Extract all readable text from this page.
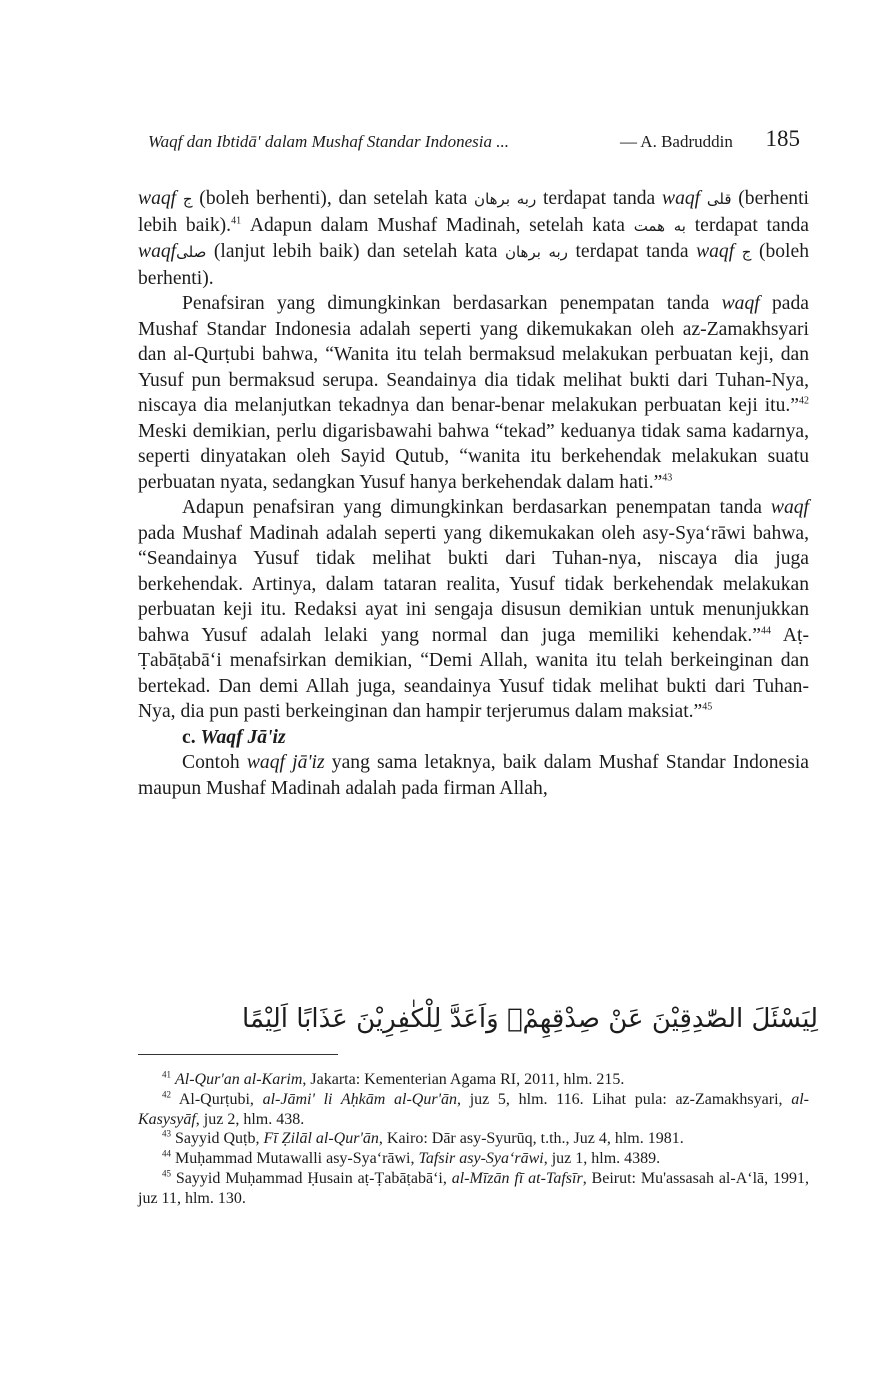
Waqf dan Ibtidā' dalam Mushaf Standar Indonesia ...	— A. Badruddin 185

waqf ج (boleh berhenti), dan setelah kata	ربه برهان terdapat tanda waqf قلى (berhenti lebih baik).$^{41}$ Adapun dalam Mushaf Madinah, setelah kata	به همت terdapat tanda waqfصلى (lanjut lebih baik) dan setelah kata	ربه برهان terdapat tanda waqf ج (boleh berhenti).

Penafsiran yang dimungkinkan berdasarkan penempatan tanda waqf pada Mushaf Standar Indonesia adalah seperti yang dikemukakan oleh az-Zamakhsyari dan al-Qurṭubi bahwa, “Wanita itu telah bermaksud melakukan perbuatan keji, dan Yusuf pun bermaksud serupa. Seandainya dia tidak melihat bukti dari Tuhan-Nya, niscaya dia melanjutkan tekadnya dan benar-benar melakukan perbuatan keji itu.”$^{42}$ Meski demikian, perlu digarisbawahi bahwa “tekad” keduanya tidak sama kadarnya, seperti dinyatakan oleh Sayid Qutub, “wanita itu berkehendak melakukan suatu perbuatan nyata, sedangkan Yusuf hanya berkehendak dalam hati.”$^{43}$

Adapun penafsiran yang dimungkinkan berdasarkan penempatan tanda waqf pada Mushaf Madinah adalah seperti yang dikemukakan oleh asy-Sya‘rāwi bahwa, “Seandainya Yusuf tidak melihat bukti dari Tuhan-nya, niscaya dia juga berkehendak. Artinya, dalam tataran realita, Yusuf tidak berkehendak melakukan perbuatan keji itu. Redaksi ayat ini sengaja disusun demikian untuk menunjukkan bahwa Yusuf adalah lelaki yang normal dan juga memiliki kehendak.”$^{44}$ Aṭ-Ṭabāṭabā‘i menafsirkan demikian, “Demi Allah, wanita itu telah berkeinginan dan bertekad. Dan demi Allah juga, seandainya Yusuf tidak melihat bukti dari Tuhan-Nya, dia pun pasti berkeinginan dan hampir terjerumus dalam maksiat.”$^{45}$

c. Waqf Jā'iz

Contoh waqf jā'iz yang sama letaknya, baik dalam Mushaf Standar Indonesia maupun Mushaf Madinah adalah pada firman Allah,

لِيَسْئَلَ الصّٰدِقِيْنَ عَنْ صِدْقِهِمْۚ وَاَعَدَّ لِلْكٰفِرِيْنَ عَذَابًا اَلِيْمًا

$^{41}$ Al-Qur'an al-Karim, Jakarta: Kementerian Agama RI, 2011, hlm. 215.

$^{42}$ Al-Qurṭubi, al-Jāmi' li Aḥkām al-Qur'ān, juz 5, hlm. 116. Lihat pula: az-Zamakhsyari, al-Kasysyāf, juz 2, hlm. 438.

$^{43}$ Sayyid Quṭb, Fī Ẓilāl al-Qur'ān, Kairo: Dār asy-Syurūq, t.th., Juz 4, hlm. 1981.

$^{44}$ Muḥammad Mutawalli asy-Sya‘rāwi, Tafsir asy-Sya‘rāwi, juz 1, hlm. 4389.

$^{45}$ Sayyid Muḥammad Ḥusain aṭ-Ṭabāṭabā‘i, al-Mīzān fī at-Tafsīr, Beirut: Mu'assasah al-A‘lā, 1991, juz 11, hlm. 130.
